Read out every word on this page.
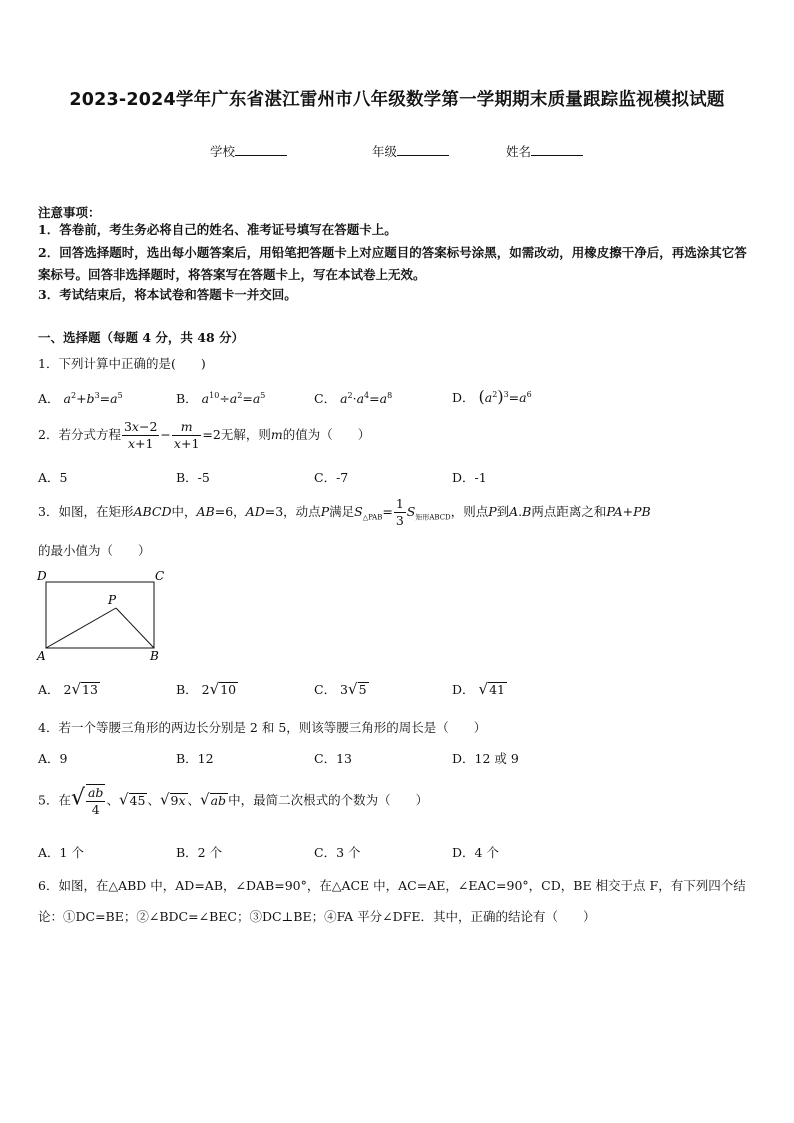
2023-2024学年广东省湛江雷州市八年级数学第一学期期末质量跟踪监视模拟试题
学校	年级	姓名
注意事项：
1．答卷前，考生务必将自己的姓名、准考证号填写在答题卡上。
2．回答选择题时，选出每小题答案后，用铅笔把答题卡上对应题目的答案标号涂黑，如需改动，用橡皮擦干净后，再选涂其它答案标号。回答非选择题时，将答案写在答题卡上，写在本试卷上无效。
3．考试结束后，将本试卷和答题卡一并交回。
一、选择题（每题 4 分，共 48 分）
1．下列计算中正确的是(　　)
A． $a^2+b^3=a^5$	B． $a^{10}\div a^2=a^5$	C． $a^2\cdot a^4=a^8$	D． $(a^2)^3=a^6$
2．若分式方程 $\frac{3x-2}{x+1} - \frac{m}{x+1} =2$无解，则m的值为（　　）
A．5	B．-5	C．-7	D．-1
3．如图，在矩形ABCD中，AB=6，AD=3，动点P满足$S_{\triangle PAB}= \frac{1}{3} S_{矩形ABCD}$，则点P到A.B两点距离之和PA+PB
的最小值为（　　）
D	C
P
A	B
A． 2√13	B． 2√10	C． 3√5	D． √41
4．若一个等腰三角形的两边长分别是 2 和 5，则该等腰三角形的周长是（　　）
A．9	B．12	C．13	D．12 或 9
5．在√ $\frac{ab}{4}$ 、√45 、√9x 、√ab 中，最简二次根式的个数为（　　）
A．1 个	B．2 个	C．3 个	D．4 个
6．如图，在△ABD 中，AD=AB，∠DAB=90°，在△ACE 中，AC=AE，∠EAC=90°，CD，BE 相交于点 F，有下列四个结论：①DC=BE；②∠BDC=∠BEC；③DC⊥BE；④FA 平分∠DFE．其中，正确的结论有（　　）
